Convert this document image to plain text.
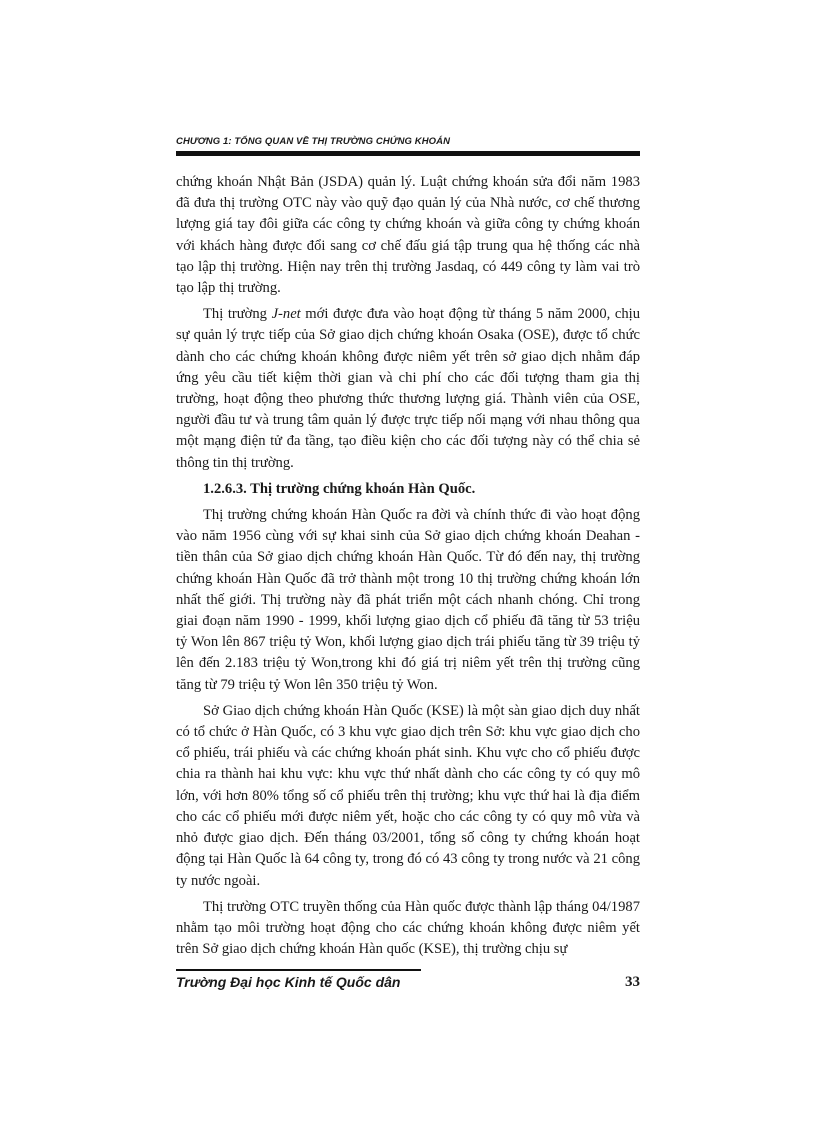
CHƯƠNG 1: TỔNG QUAN VỀ THỊ TRƯỜNG CHỨNG KHOÁN

chứng khoán Nhật Bản (JSDA) quản lý. Luật chứng khoán sửa đổi năm 1983 đã đưa thị trường OTC này vào quỹ đạo quản lý của Nhà nước, cơ chế thương lượng giá tay đôi giữa các công ty chứng khoán và giữa công ty chứng khoán với khách hàng được đổi sang cơ chế đấu giá tập trung qua hệ thống các nhà tạo lập thị trường. Hiện nay trên thị trường Jasdaq, có 449 công ty làm vai trò tạo lập thị trường.

Thị trường J-net mới được đưa vào hoạt động từ tháng 5 năm 2000, chịu sự quản lý trực tiếp của Sở giao dịch chứng khoán Osaka (OSE), được tổ chức dành cho các chứng khoán không được niêm yết trên sở giao dịch nhằm đáp ứng yêu cầu tiết kiệm thời gian và chi phí cho các đối tượng tham gia thị trường, hoạt động theo phương thức thương lượng giá. Thành viên của OSE, người đầu tư và trung tâm quản lý được trực tiếp nối mạng với nhau thông qua một mạng điện tử đa tầng, tạo điều kiện cho các đối tượng này có thể chia sẻ thông tin thị trường.

1.2.6.3. Thị trường chứng khoán Hàn Quốc.

Thị trường chứng khoán Hàn Quốc ra đời và chính thức đi vào hoạt động vào năm 1956 cùng với sự khai sinh của Sở giao dịch chứng khoán Deahan - tiền thân của Sở giao dịch chứng khoán Hàn Quốc. Từ đó đến nay, thị trường chứng khoán Hàn Quốc đã trở thành một trong 10 thị trường chứng khoán lớn nhất thế giới. Thị trường này đã phát triển một cách nhanh chóng. Chỉ trong giai đoạn năm 1990 - 1999, khối lượng giao dịch cổ phiếu đã tăng từ 53 triệu tỷ Won lên 867 triệu tỷ Won, khối lượng giao dịch trái phiếu tăng từ 39 triệu tỷ lên đến 2.183 triệu tỷ Won,trong khi đó giá trị niêm yết trên thị trường cũng tăng từ 79 triệu tỷ Won lên 350 triệu tỷ Won.

Sở Giao dịch chứng khoán Hàn Quốc (KSE) là một sàn giao dịch duy nhất có tổ chức ở Hàn Quốc, có 3 khu vực giao dịch trên Sở: khu vực giao dịch cho cổ phiếu, trái phiếu và các chứng khoán phát sinh. Khu vực cho cổ phiếu được chia ra thành hai khu vực: khu vực thứ nhất dành cho các công ty có quy mô lớn, với hơn 80% tổng số cổ phiếu trên thị trường; khu vực thứ hai là địa điểm cho các cổ phiếu mới được niêm yết, hoặc cho các công ty có quy mô vừa và nhỏ được giao dịch. Đến tháng 03/2001, tổng số công ty chứng khoán hoạt động tại Hàn Quốc là 64 công ty, trong đó có 43 công ty trong nước và 21 công ty nước ngoài.

Thị trường OTC truyền thống của Hàn quốc được thành lập tháng 04/1987 nhằm tạo môi trường hoạt động cho các chứng khoán không được niêm yết trên Sở giao dịch chứng khoán Hàn quốc (KSE), thị trường chịu sự

Trường Đại học Kinh tế Quốc dân	33
